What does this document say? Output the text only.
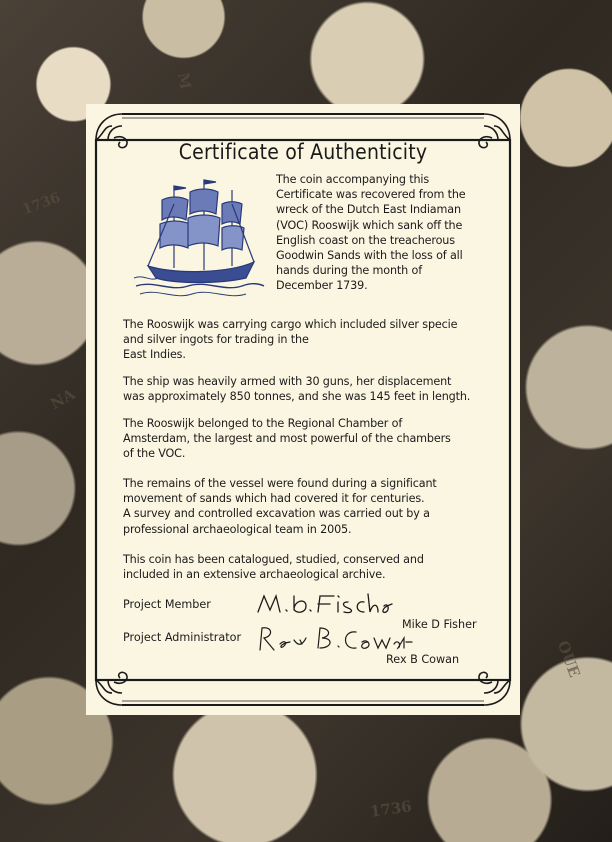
1736
M
NA
OUE
1736
Certificate of Authenticity
The coin accompanying this
Certificate was recovered from the
wreck of the Dutch East Indiaman
(VOC) Rooswijk which sank off the
English coast on the treacherous
Goodwin Sands with the loss of all
hands during the month of
December 1739.
The Rooswijk was carrying cargo which included silver specie
and silver ingots for trading in the
East Indies.
The ship was heavily armed with 30 guns, her displacement
was approximately 850 tonnes, and she was 145 feet in length.
The Rooswijk belonged to the Regional Chamber of
Amsterdam, the largest and most powerful of the chambers
of the VOC.
The remains of the vessel were found during a significant
movement of sands which had covered it for centuries.
A survey and controlled excavation was carried out by a
professional archaeological team in 2005.
This coin has been catalogued, studied, conserved and
included in an extensive archaeological archive.
Project Member
Mike D Fisher
Project Administrator
Rex B Cowan
